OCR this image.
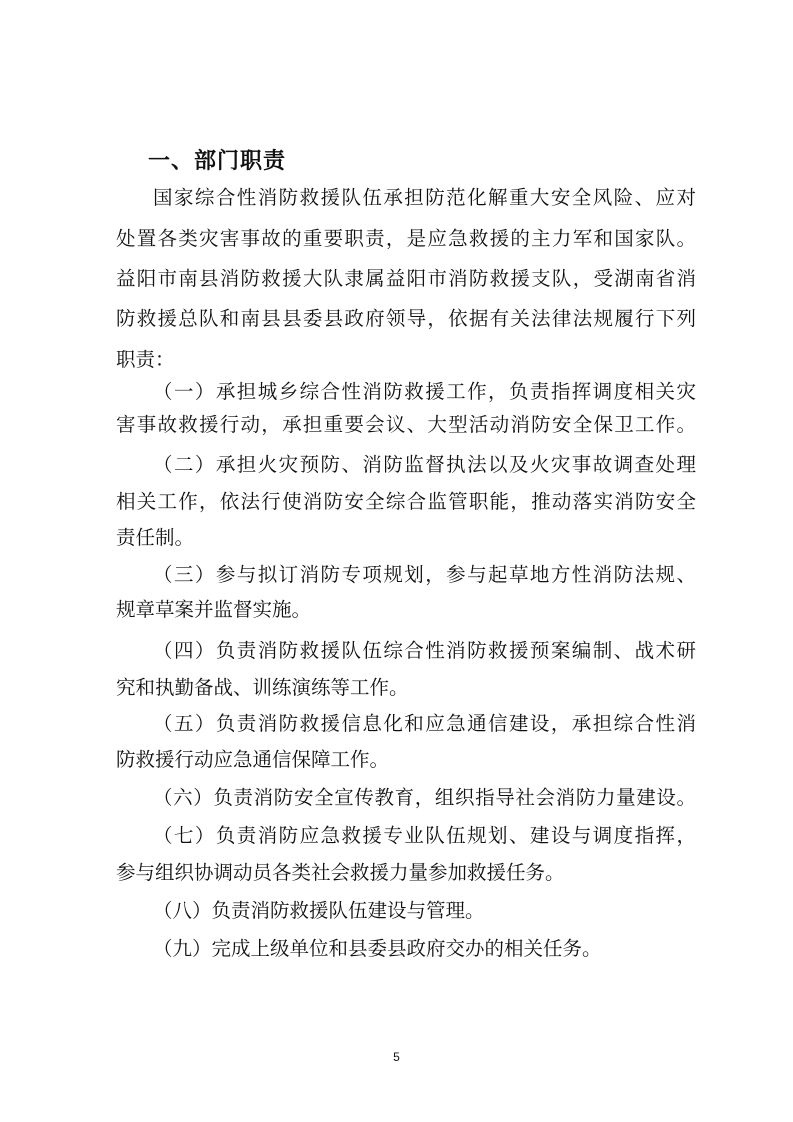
一、部门职责
国家综合性消防救援队伍承担防范化解重大安全风险、应对
处置各类灾害事故的重要职责，是应急救援的主力军和国家队。
益阳市南县消防救援大队隶属益阳市消防救援支队，受湖南省消
防救援总队和南县县委县政府领导，依据有关法律法规履行下列
职责：
（一）承担城乡综合性消防救援工作，负责指挥调度相关灾
害事故救援行动，承担重要会议、大型活动消防安全保卫工作。
（二）承担火灾预防、消防监督执法以及火灾事故调查处理
相关工作，依法行使消防安全综合监管职能，推动落实消防安全
责任制。
（三）参与拟订消防专项规划，参与起草地方性消防法规、
规章草案并监督实施。
（四）负责消防救援队伍综合性消防救援预案编制、战术研
究和执勤备战、训练演练等工作。
（五）负责消防救援信息化和应急通信建设，承担综合性消
防救援行动应急通信保障工作。
（六）负责消防安全宣传教育，组织指导社会消防力量建设。
（七）负责消防应急救援专业队伍规划、建设与调度指挥，
参与组织协调动员各类社会救援力量参加救援任务。
（八）负责消防救援队伍建设与管理。
（九）完成上级单位和县委县政府交办的相关任务。
5
